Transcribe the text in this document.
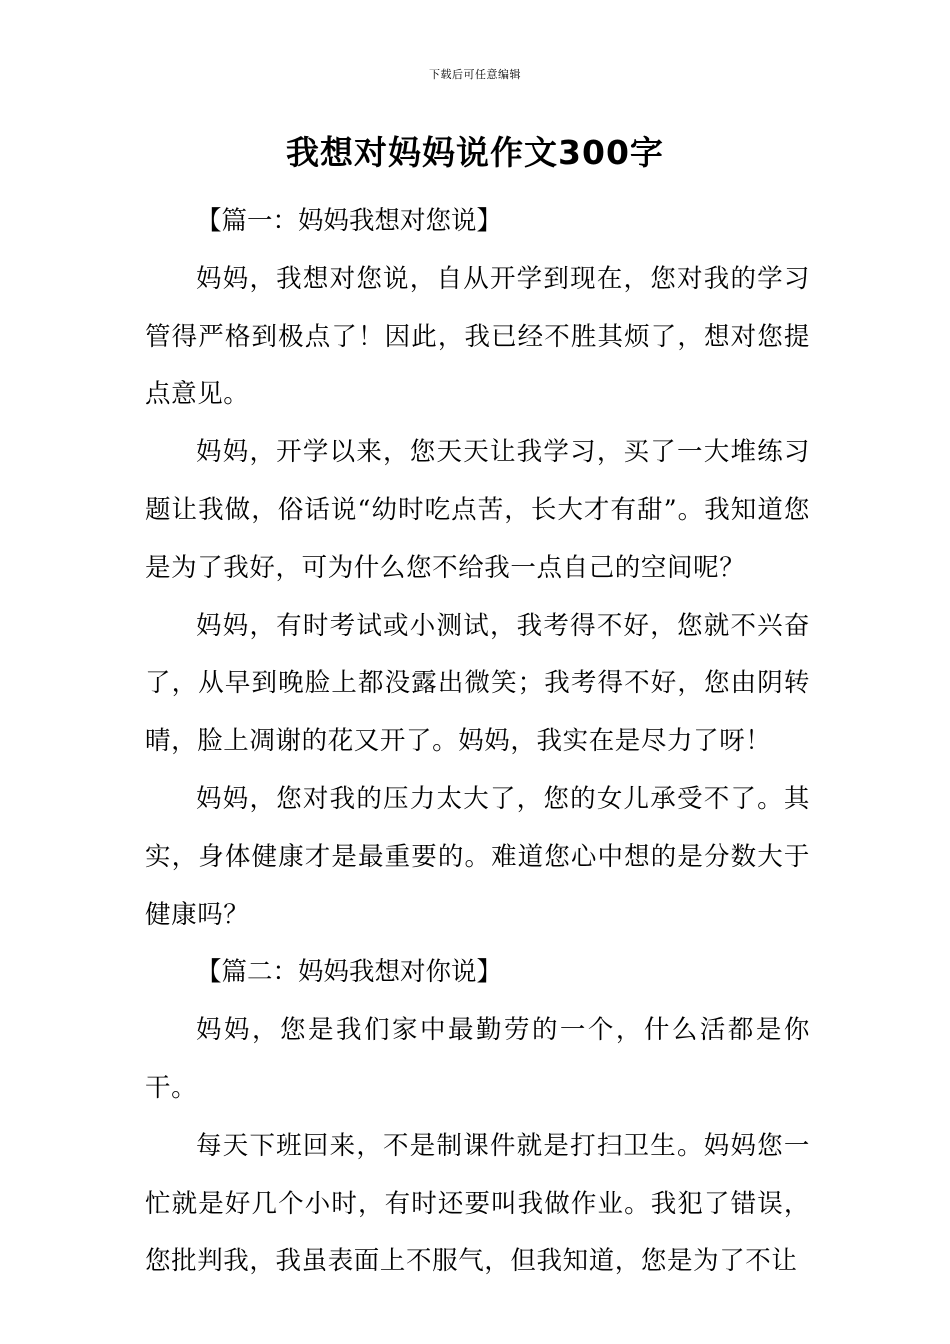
下载后可任意编辑
我想对妈妈说作文300字

【篇一：妈妈我想对您说】

妈妈，我想对您说，自从开学到现在，您对我的学习管得严格到极点了！因此，我已经不胜其烦了，想对您提点意见。

妈妈，开学以来，您天天让我学习，买了一大堆练习题让我做，俗话说“幼时吃点苦，长大才有甜”。我知道您是为了我好，可为什么您不给我一点自己的空间呢？

妈妈，有时考试或小测试，我考得不好，您就不兴奋了，从早到晚脸上都没露出微笑；我考得不好，您由阴转晴，脸上凋谢的花又开了。妈妈，我实在是尽力了呀！

妈妈，您对我的压力太大了，您的女儿承受不了。其实，身体健康才是最重要的。难道您心中想的是分数大于健康吗？

【篇二：妈妈我想对你说】

妈妈，您是我们家中最勤劳的一个，什么活都是你干。

每天下班回来，不是制课件就是打扫卫生。妈妈您一忙就是好几个小时，有时还要叫我做作业。我犯了错误，您批判我，我虽表面上不服气，但我知道，您是为了不让
